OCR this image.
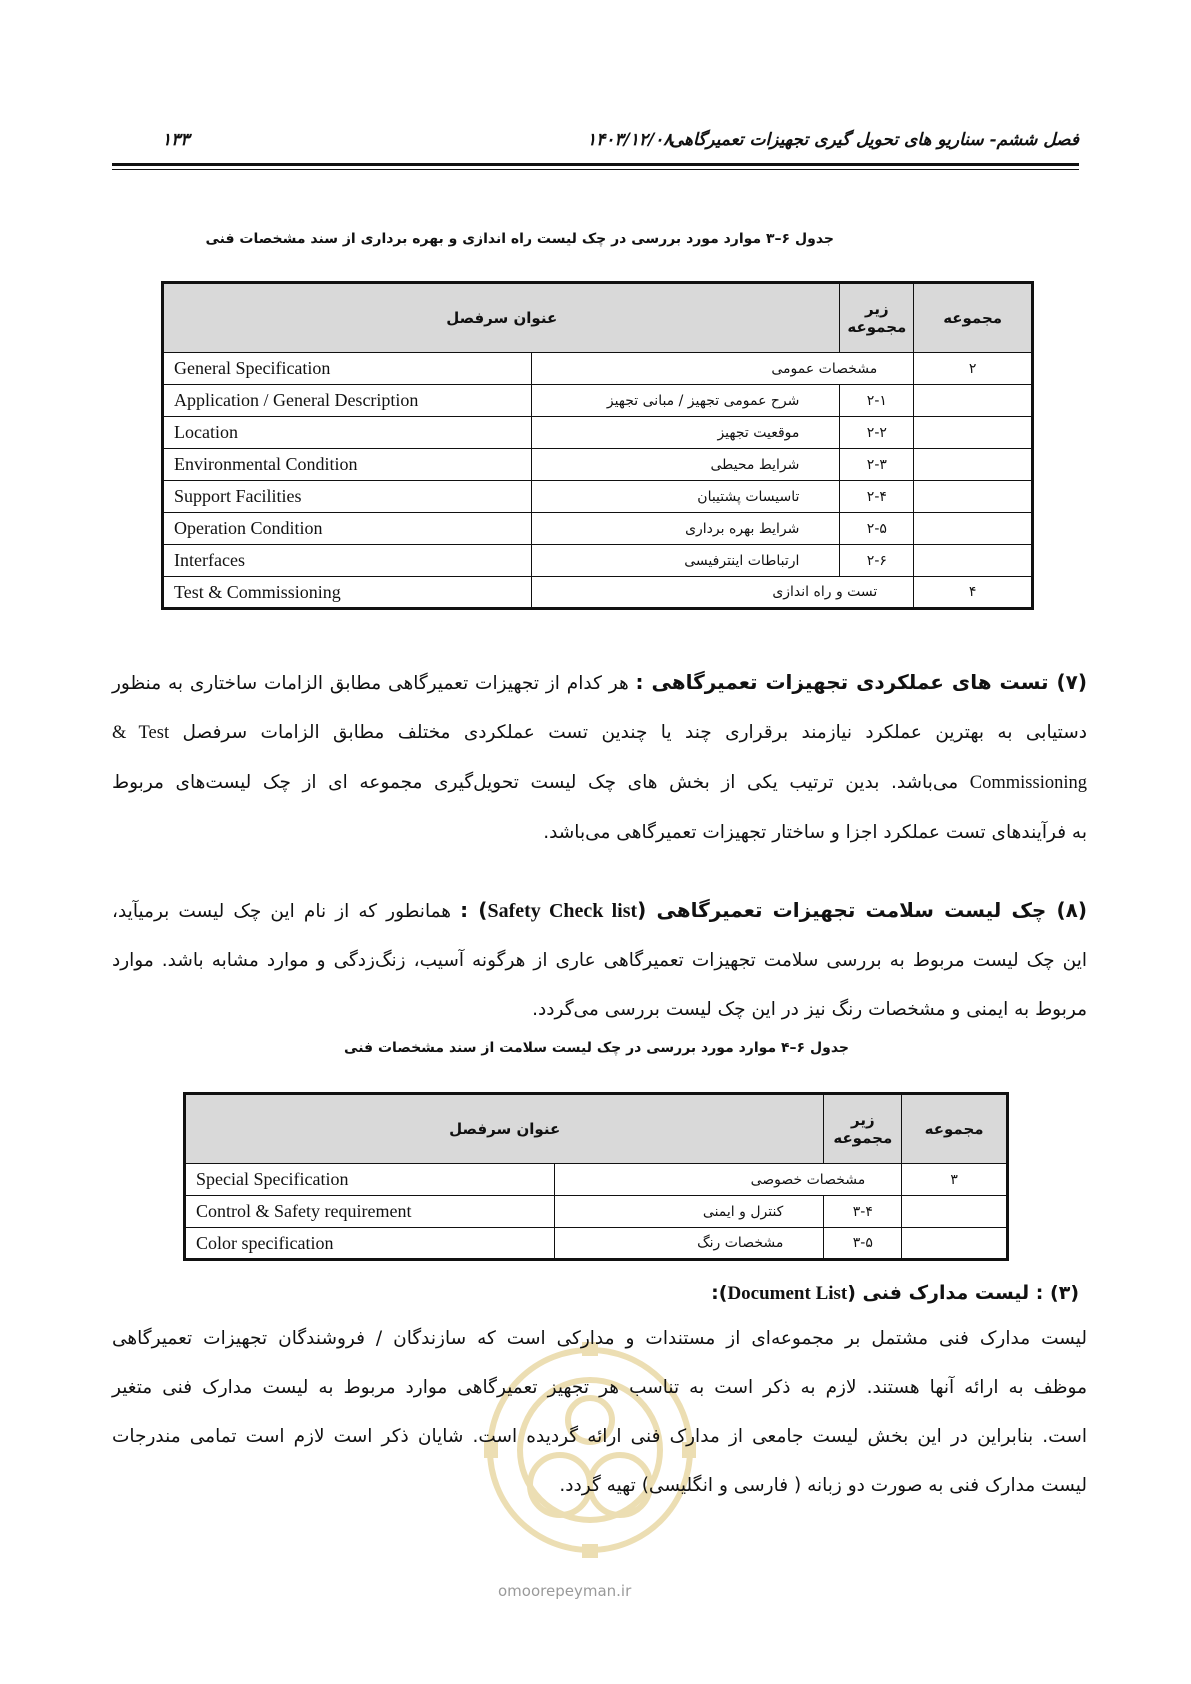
فصل ششم- سناریو های تحویل گیری تجهیزات تعمیرگاهی
۱۴۰۳/۱۲/۰۸
۱۳۳
جدول ۶–۳ موارد مورد بررسی در چک لیست راه اندازی و بهره برداری از سند مشخصات فنی
عنوان سرفصل		زیر مجموعه	مجموعه
General Specification	مشخصات عمومی		۲
Application / General Description	شرح عمومی تجهیز / مبانی تجهیز	۲-۱	
Location	موقعیت تجهیز	۲-۲	
Environmental Condition	شرایط محیطی	۲-۳	
Support Facilities	تاسیسات پشتیبان	۲-۴	
Operation Condition	شرایط بهره برداری	۲-۵	
Interfaces	ارتباطات اینترفیسی	۲-۶	
Test & Commissioning	تست و راه اندازی		۴
(۷) تست های عملکردی تجهیزات تعمیرگاهی : هر کدام از تجهیزات تعمیرگاهی مطابق الزامات ساختاری به منظور
دستیابی به بهترین عملکرد نیازمند برقراری چند یا چندین تست عملکردی مختلف مطابق الزامات سرفصل Test &
Commissioning می‌باشد. بدین ترتیب یکی از بخش های چک لیست تحویل‌گیری مجموعه ای از چک لیست‌های مربوط
به فرآیندهای تست عملکرد اجزا و ساختار تجهیزات تعمیرگاهی می‌باشد.
(۸) چک لیست سلامت تجهیزات تعمیرگاهی (Safety Check list) : همانطور که از نام این چک لیست برمیآید،
این چک لیست مربوط به بررسی سلامت تجهیزات تعمیرگاهی عاری از هرگونه آسیب، زنگ‌زدگی و موارد مشابه باشد. موارد
مربوط به ایمنی و مشخصات رنگ نیز در این چک لیست بررسی می‌گردد.
جدول ۶–۴ موارد مورد بررسی در چک لیست سلامت از سند مشخصات فنی
عنوان سرفصل		زیر مجموعه	مجموعه
Special Specification	مشخصات خصوصی		۳
Control & Safety requirement	کنترل و ایمنی	۳-۴	
Color specification	مشخصات رنگ	۳-۵	
(۳) : لیست مدارک فنی (Document List):
omoorepeyman.ir
لیست مدارک فنی مشتمل بر مجموعه‌ای از مستندات و مدارکی است که سازندگان / فروشندگان تجهیزات تعمیرگاهی
موظف به ارائه آنها هستند. لازم به ذکر است به تناسب هر تجهیز تعمیرگاهی موارد مربوط به لیست مدارک فنی متغیر
است. بنابراین در این بخش لیست جامعی از مدارک فنی ارائه گردیده است. شایان ذکر است لازم است تمامی مندرجات
لیست مدارک فنی به صورت دو زبانه ( فارسی و انگلیسی) تهیه گردد.
